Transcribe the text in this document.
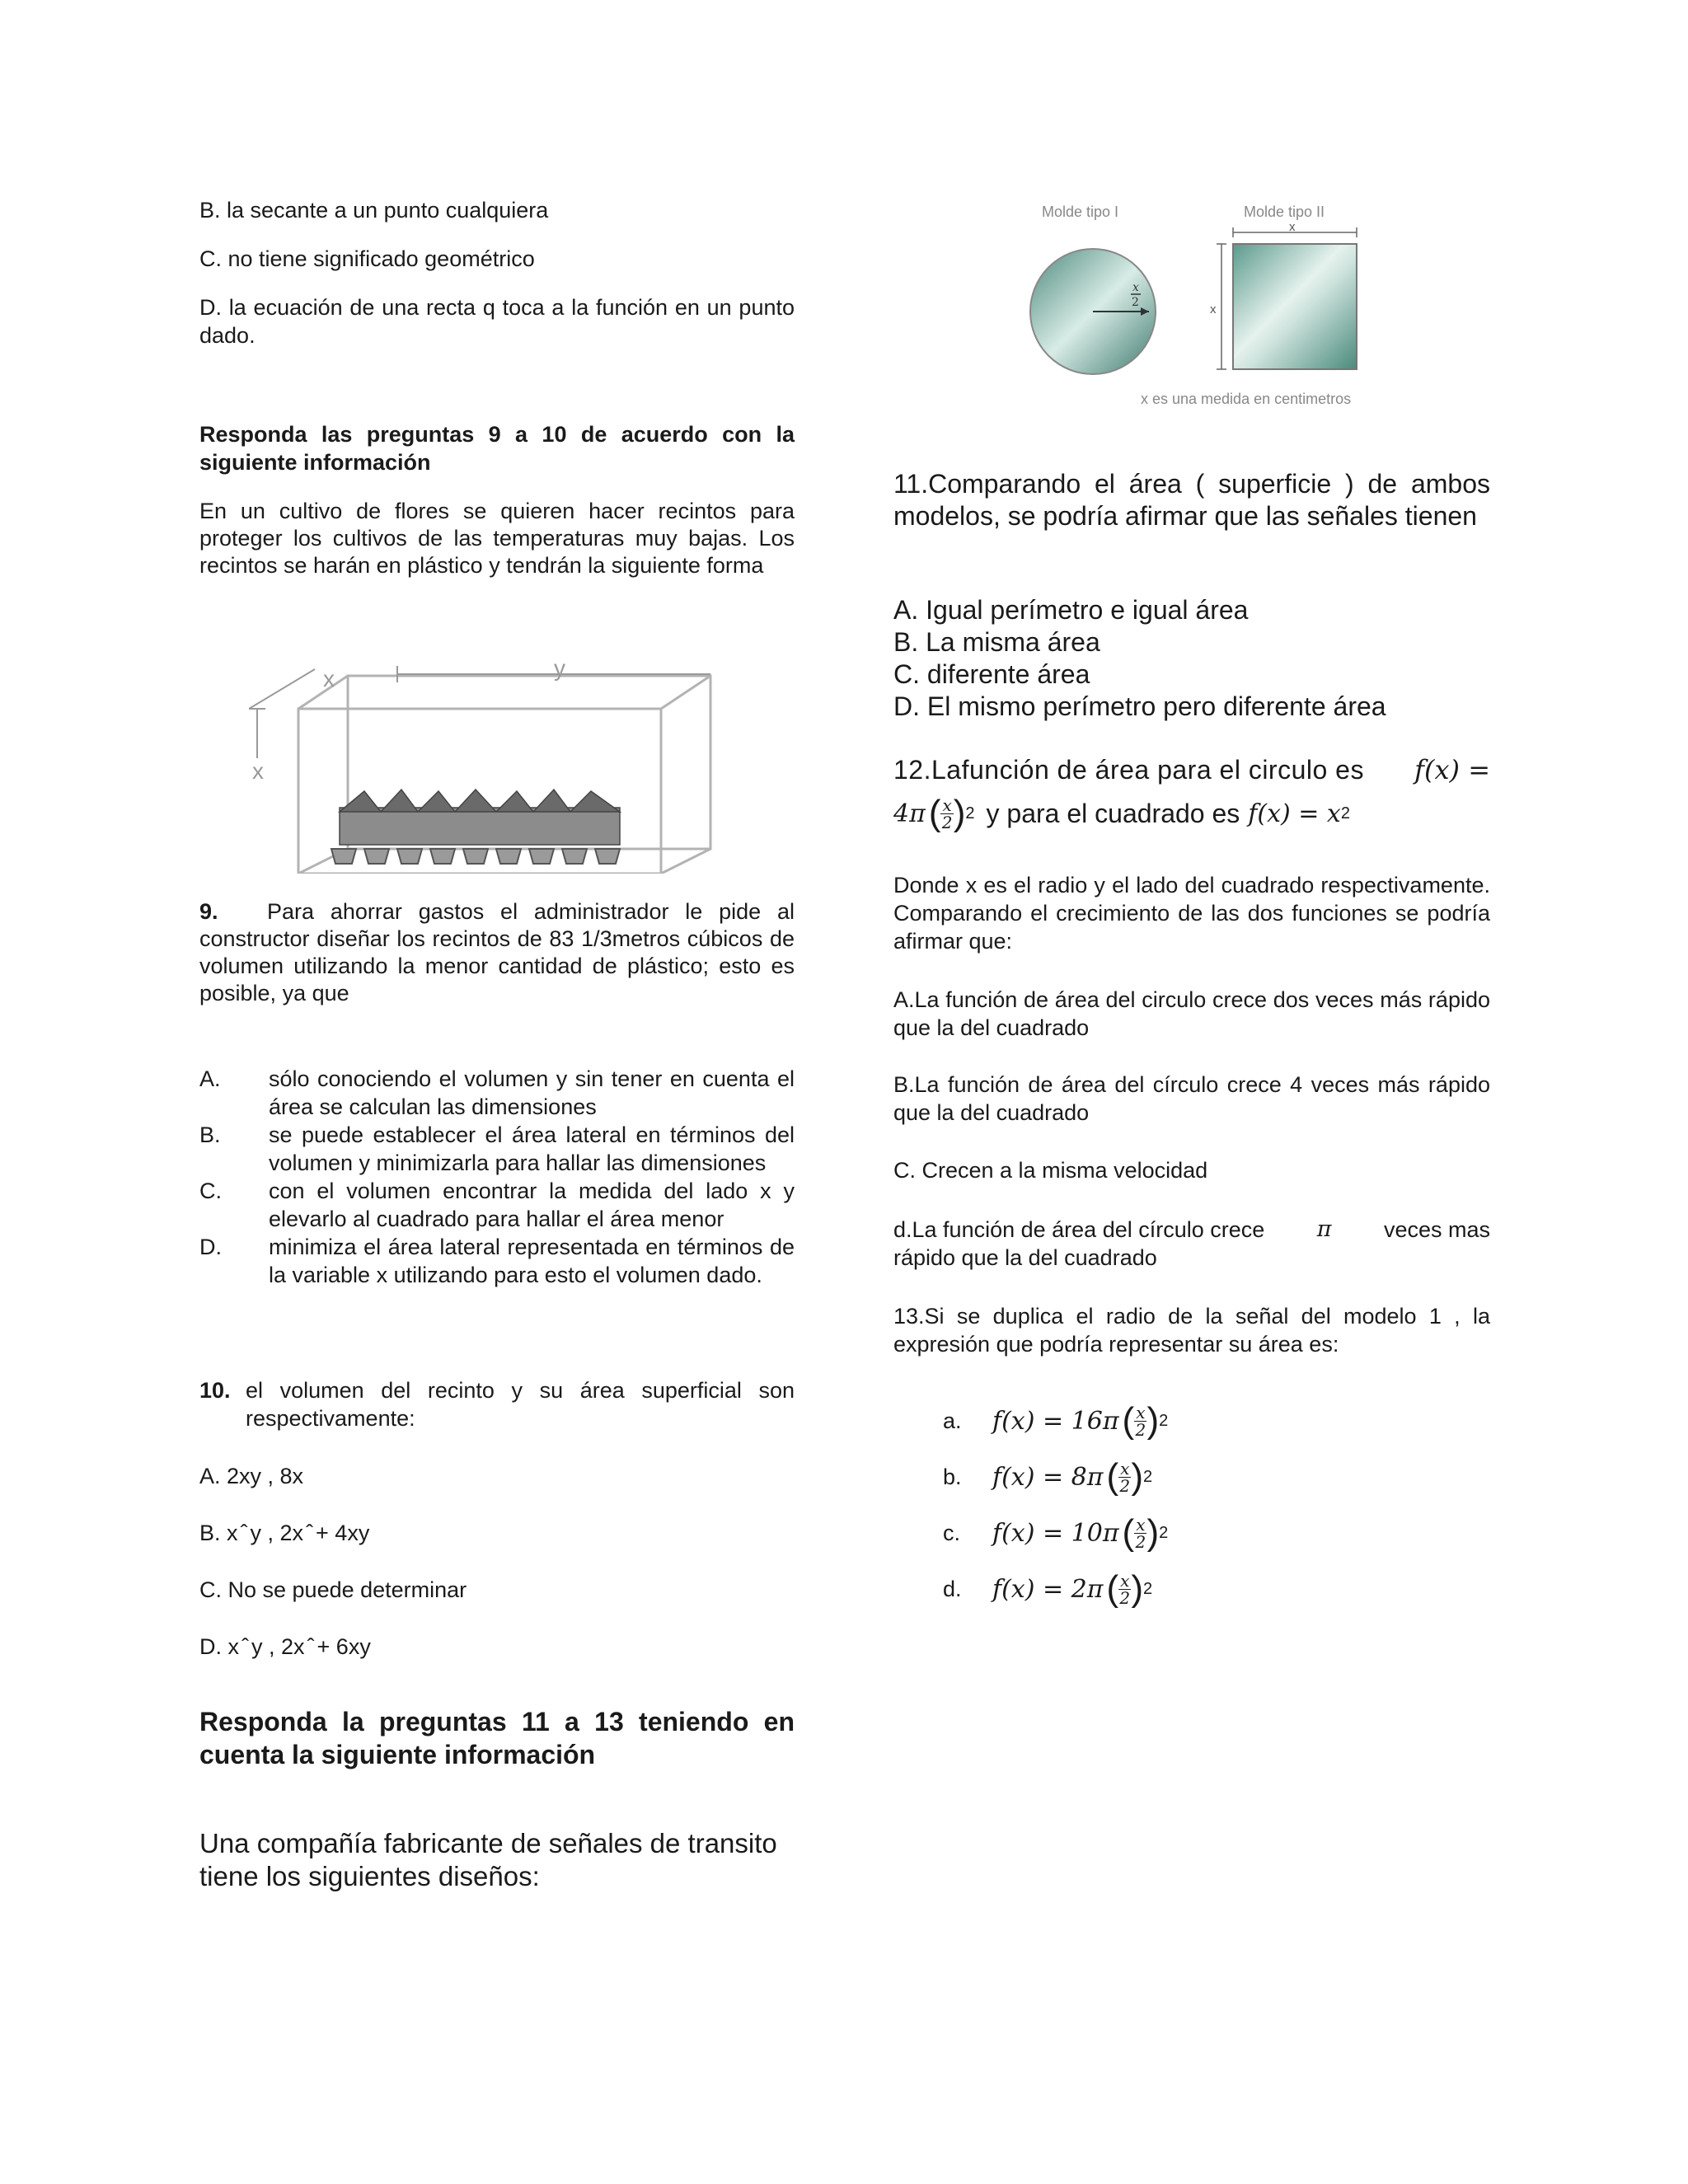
B. la secante a un punto cualquiera
C. no tiene significado geométrico
D. la ecuación de una recta q toca a la función en un punto dado.
Responda las preguntas 9 a 10 de acuerdo con la siguiente información
En un cultivo de flores se quieren hacer recintos para proteger los cultivos de las temperaturas muy bajas. Los recintos se harán en plástico y tendrán la siguiente forma
x	y
x
9. Para ahorrar gastos el administrador le pide al constructor diseñar los recintos de 83 1/3metros cúbicos de volumen utilizando la menor cantidad de plástico; esto es posible, ya que
A.	sólo conociendo el volumen y sin tener en cuenta el área se calculan las dimensiones
B.	se puede establecer el área lateral en términos del volumen y minimizarla para hallar las dimensiones
C.	con el volumen encontrar la medida del lado x y elevarlo al cuadrado para hallar el área menor
D.	minimiza el área lateral representada en términos de la variable x utilizando para esto el volumen dado.
10. el volumen del recinto y su área superficial son respectivamente:
A. 2xy , 8x
B. x ̂ y , 2x ̂ + 4xy
C. No se puede determinar
D. x ̂ y , 2x ̂ + 6xy
Responda la preguntas 11 a 13 teniendo en cuenta la siguiente información
Una compañía fabricante de señales de transito tiene los siguientes diseños:
Molde tipo I	Molde tipo II
x
2
x
x
x es una medida en centimetros
11.Comparando el área ( superficie ) de ambos modelos, se podría afirmar que las señales tienen
A. Igual perímetro e igual área
B. La misma área
C. diferente área
D. El mismo perímetro pero diferente área
12.Lafunción de área para el circulo es f(x) =
4π ( $\frac{x}{2}$ ) 2 y para el cuadrado es f(x) = x 2
Donde x es el radio y el lado del cuadrado respectivamente. Comparando el crecimiento de las dos funciones se podría afirmar que:
A.La función de área del circulo crece dos veces más rápido que la del cuadrado
B.La función de área del círculo crece 4 veces más rápido que la del cuadrado
C. Crecen a la misma velocidad
d.La función de área del círculo crece π veces mas
rápido que la del cuadrado
13.Si se duplica el radio de la señal del modelo 1 , la expresión que podría representar su área es:
a.	f(x) = 16π ( $\frac{x}{2}$ ) 2
b.	f(x) = 8π ( $\frac{x}{2}$ ) 2
c.	f(x) = 10π ( $\frac{x}{2}$ ) 2
d.	f(x) = 2π ( $\frac{x}{2}$ ) 2
